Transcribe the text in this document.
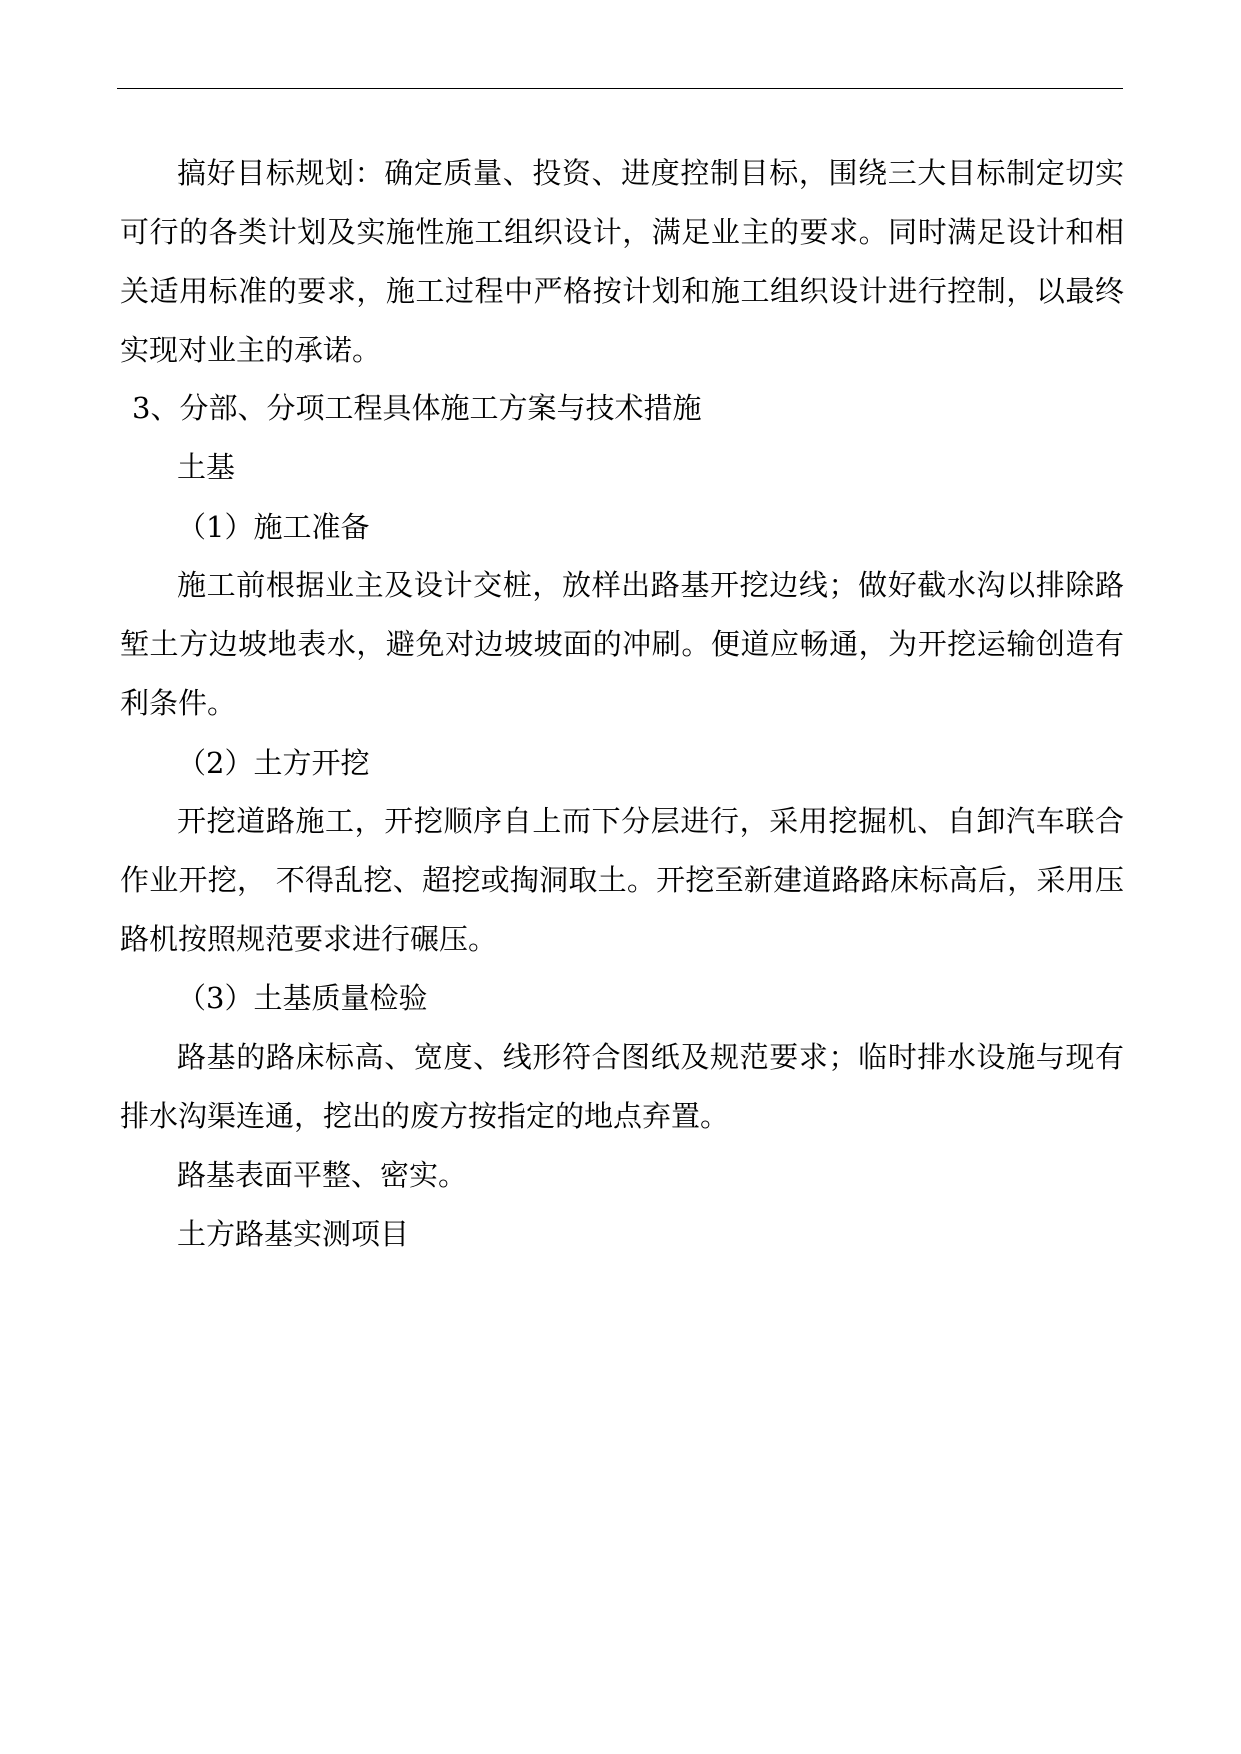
搞好目标规划：确定质量、投资、进度控制目标，围绕三大目标制定切实

可行的各类计划及实施性施工组织设计，满足业主的要求。同时满足设计和相

关适用标准的要求，施工过程中严格按计划和施工组织设计进行控制，以最终

实现对业主的承诺。

3、分部、分项工程具体施工方案与技术措施

土基

（1）施工准备

施工前根据业主及设计交桩，放样出路基开挖边线；做好截水沟以排除路

堑土方边坡地表水，避免对边坡坡面的冲刷。便道应畅通，为开挖运输创造有

利条件。

（2）土方开挖

开挖道路施工，开挖顺序自上而下分层进行，采用挖掘机、自卸汽车联合

作业开挖， 不得乱挖、超挖或掏洞取土。开挖至新建道路路床标高后，采用压

路机按照规范要求进行碾压。

（3）土基质量检验

路基的路床标高、宽度、线形符合图纸及规范要求；临时排水设施与现有

排水沟渠连通，挖出的废方按指定的地点弃置。

路基表面平整、密实。

土方路基实测项目
